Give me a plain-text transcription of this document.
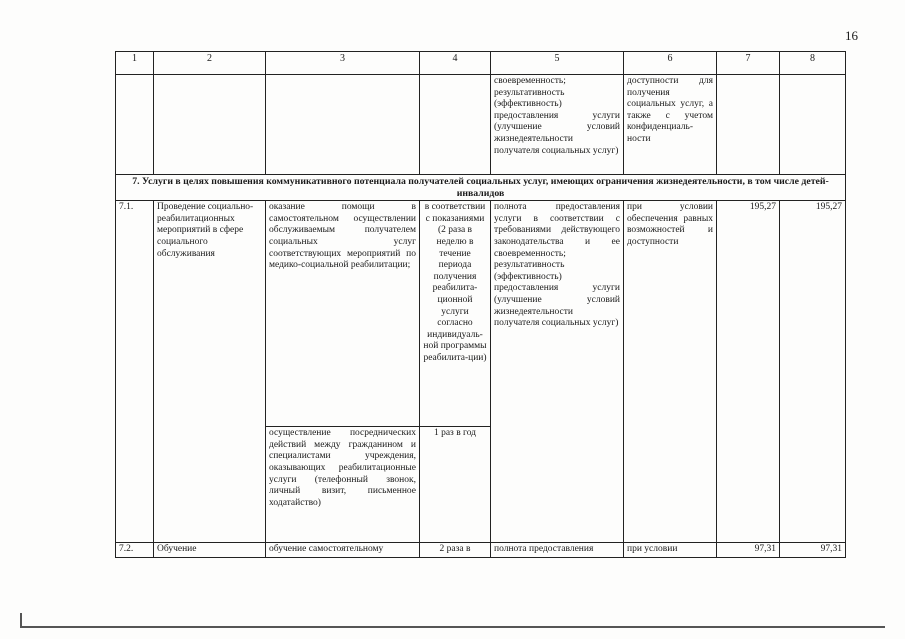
16
1	2	3	4	5	6	7	8
				своевременность; результативность (эффективность) предоставления услуги (улучшение условий жизнедеятельности получателя социальных услуг)	доступности для получения социальных услуг, а также с учетом конфиденциаль-ности		
7. Услуги в целях повышения коммуникативного потенциала получателей социальных услуг, имеющих ограничения жизнедеятельности, в том числе детей-инвалидов							
7.1.	Проведение социально-реабилитационных мероприятий в сфере социального обслуживания	оказание помощи в самостоятельном осуществлении обслуживаемым получателем социальных услуг соответствующих мероприятий по медико-социальной реабилитации;	в соответствии с показаниями (2 раза в неделю в течение периода получения реабилита-ционной услуги согласно индивидуаль-ной программы реабилита-ции)	полнота предоставления услуги в соответствии с требованиями действующего законодательства и ее своевременность; результативность (эффективность) предоставления услуги (улучшение условий жизнедеятельности получателя социальных услуг)	при условии обеспечения равных возможностей и доступности	195,27	195,27
		осуществление посреднических действий между гражданином и специалистами учреждения, оказывающих реабилитационные услуги (телефонный звонок, личный визит, письменное ходатайство)	1 раз в год				
7.2.	Обучение	обучение самостоятельному	2 раза в	полнота предоставления	при условии	97,31	97,31
